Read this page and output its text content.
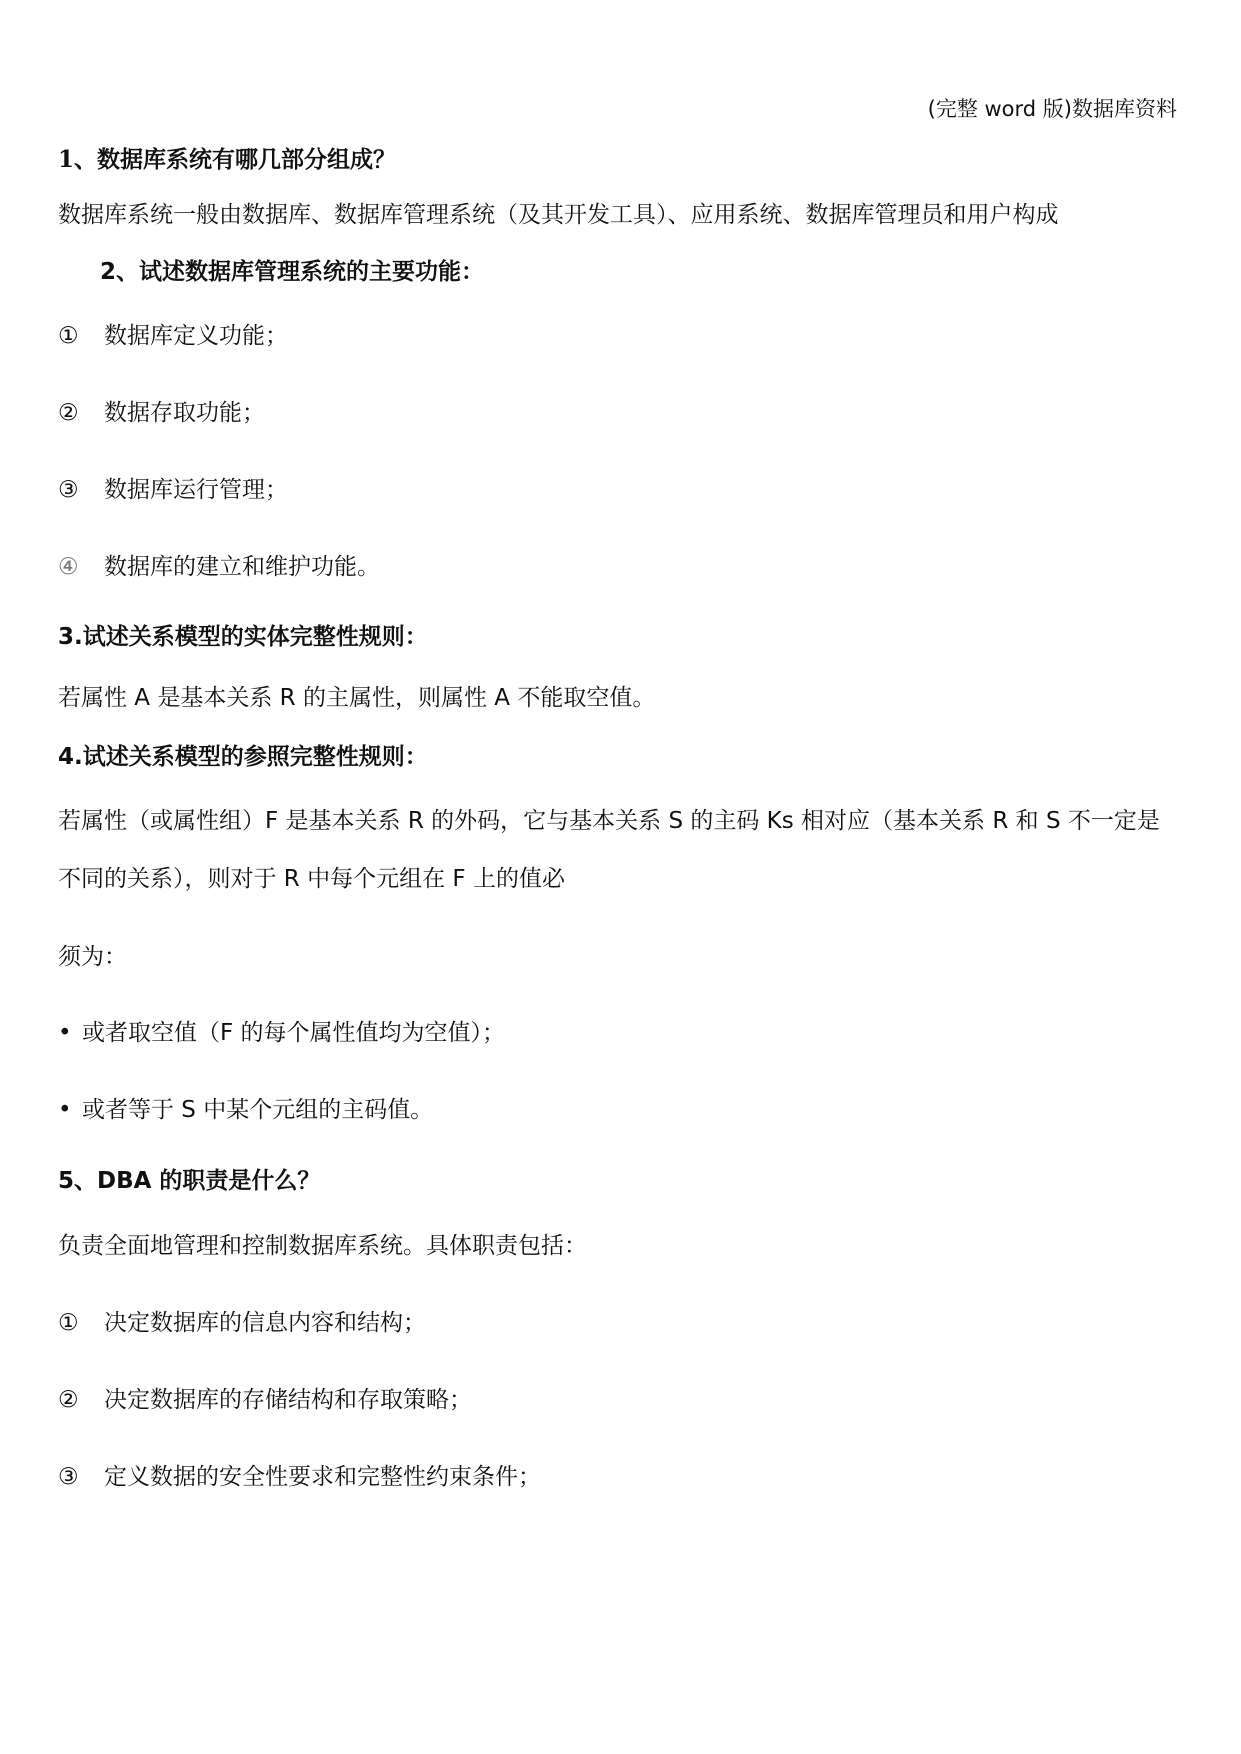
(完整 word 版)数据库资料
1、数据库系统有哪几部分组成？
数据库系统一般由数据库、数据库管理系统（及其开发工具）、应用系统、数据库管理员和用户构成
2、试述数据库管理系统的主要功能：
① 数据库定义功能；
② 数据存取功能；
③ 数据库运行管理；
④ 数据库的建立和维护功能。
3.试述关系模型的实体完整性规则：
若属性 A 是基本关系 R 的主属性，则属性 A 不能取空值。
4.试述关系模型的参照完整性规则：
若属性（或属性组）F 是基本关系 R 的外码，它与基本关系 S 的主码 Ks 相对应（基本关系 R 和 S 不一定是
不同的关系），则对于 R 中每个元组在 F 上的值必
须为：
• 或者取空值（F 的每个属性值均为空值）；
• 或者等于 S 中某个元组的主码值。
5、DBA 的职责是什么？
负责全面地管理和控制数据库系统。具体职责包括：
① 决定数据库的信息内容和结构；
② 决定数据库的存储结构和存取策略；
③ 定义数据的安全性要求和完整性约束条件；
